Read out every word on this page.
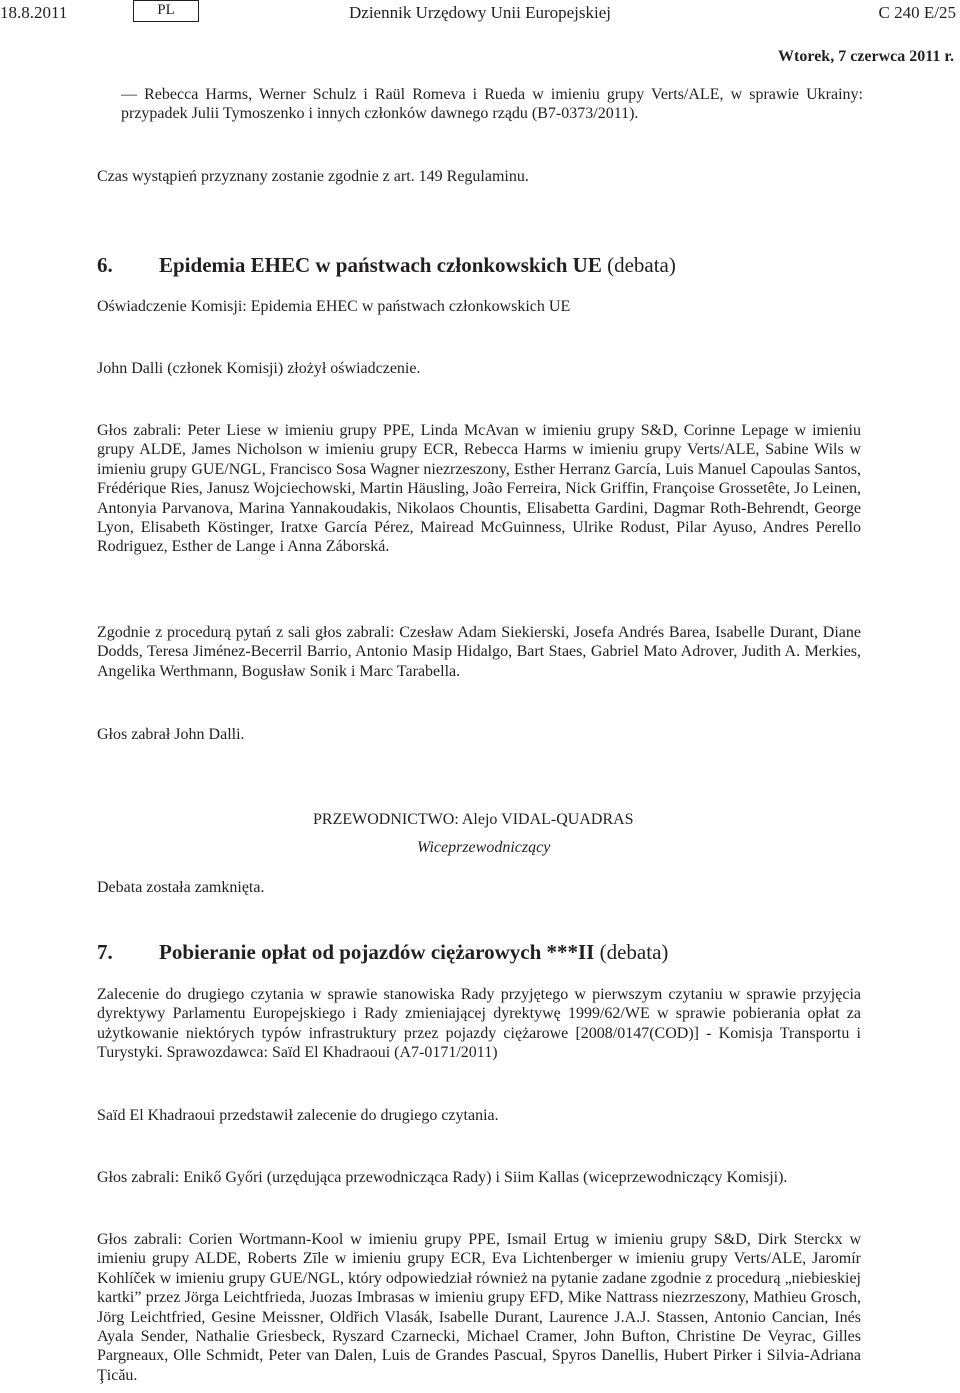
18.8.2011	PL	Dziennik Urzędowy Unii Europejskiej	C 240 E/25
Wtorek, 7 czerwca 2011 r.

— Rebecca Harms, Werner Schulz i Raül Romeva i Rueda w imieniu grupy Verts/ALE, w sprawie Ukrainy: przypadek Julii Tymoszenko i innych członków dawnego rządu (B7-0373/2011).

Czas wystąpień przyznany zostanie zgodnie z art. 149 Regulaminu.

6. Epidemia EHEC w państwach członkowskich UE (debata)

Oświadczenie Komisji: Epidemia EHEC w państwach członkowskich UE

John Dalli (członek Komisji) złożył oświadczenie.

Głos zabrali: Peter Liese w imieniu grupy PPE, Linda McAvan w imieniu grupy S&D, Corinne Lepage w imieniu grupy ALDE, James Nicholson w imieniu grupy ECR, Rebecca Harms w imieniu grupy Verts/ALE, Sabine Wils w imieniu grupy GUE/NGL, Francisco Sosa Wagner niezrzeszony, Esther Herranz García, Luis Manuel Capoulas Santos, Frédérique Ries, Janusz Wojciechowski, Martin Häusling, João Ferreira, Nick Griffin, Françoise Grossetête, Jo Leinen, Antonyia Parvanova, Marina Yannakoudakis, Nikolaos Chountis, Elisabetta Gardini, Dagmar Roth-Behrendt, George Lyon, Elisabeth Köstinger, Iratxe García Pérez, Mairead McGuinness, Ulrike Rodust, Pilar Ayuso, Andres Perello Rodriguez, Esther de Lange i Anna Záborská.

Zgodnie z procedurą pytań z sali głos zabrali: Czesław Adam Siekierski, Josefa Andrés Barea, Isabelle Durant, Diane Dodds, Teresa Jiménez-Becerril Barrio, Antonio Masip Hidalgo, Bart Staes, Gabriel Mato Adrover, Judith A. Merkies, Angelika Werthmann, Bogusław Sonik i Marc Tarabella.

Głos zabrał John Dalli.

PRZEWODNICTWO: Alejo VIDAL-QUADRAS
Wiceprzewodniczący

Debata została zamknięta.

7. Pobieranie opłat od pojazdów ciężarowych ***II (debata)

Zalecenie do drugiego czytania w sprawie stanowiska Rady przyjętego w pierwszym czytaniu w sprawie przyjęcia dyrektywy Parlamentu Europejskiego i Rady zmieniającej dyrektywę 1999/62/WE w sprawie pobierania opłat za użytkowanie niektórych typów infrastruktury przez pojazdy ciężarowe [2008/0147(COD)] - Komisja Transportu i Turystyki. Sprawozdawca: Saïd El Khadraoui (A7-0171/2011)

Saïd El Khadraoui przedstawił zalecenie do drugiego czytania.

Głos zabrali: Enikő Győri (urzędująca przewodnicząca Rady) i Siim Kallas (wiceprzewodniczący Komisji).

Głos zabrali: Corien Wortmann-Kool w imieniu grupy PPE, Ismail Ertug w imieniu grupy S&D, Dirk Sterckx w imieniu grupy ALDE, Roberts Zīle w imieniu grupy ECR, Eva Lichtenberger w imieniu grupy Verts/ALE, Jaromír Kohlíček w imieniu grupy GUE/NGL, który odpowiedział również na pytanie zadane zgodnie z procedurą „niebieskiej kartki” przez Jörga Leichtfrieda, Juozas Imbrasas w imieniu grupy EFD, Mike Nattrass niezrzeszony, Mathieu Grosch, Jörg Leichtfried, Gesine Meissner, Oldřich Vlasák, Isabelle Durant, Laurence J.A.J. Stassen, Antonio Cancian, Inés Ayala Sender, Nathalie Griesbeck, Ryszard Czarnecki, Michael Cramer, John Bufton, Christine De Veyrac, Gilles Pargneaux, Olle Schmidt, Peter van Dalen, Luis de Grandes Pascual, Spyros Danellis, Hubert Pirker i Silvia-Adriana Ţicău.
